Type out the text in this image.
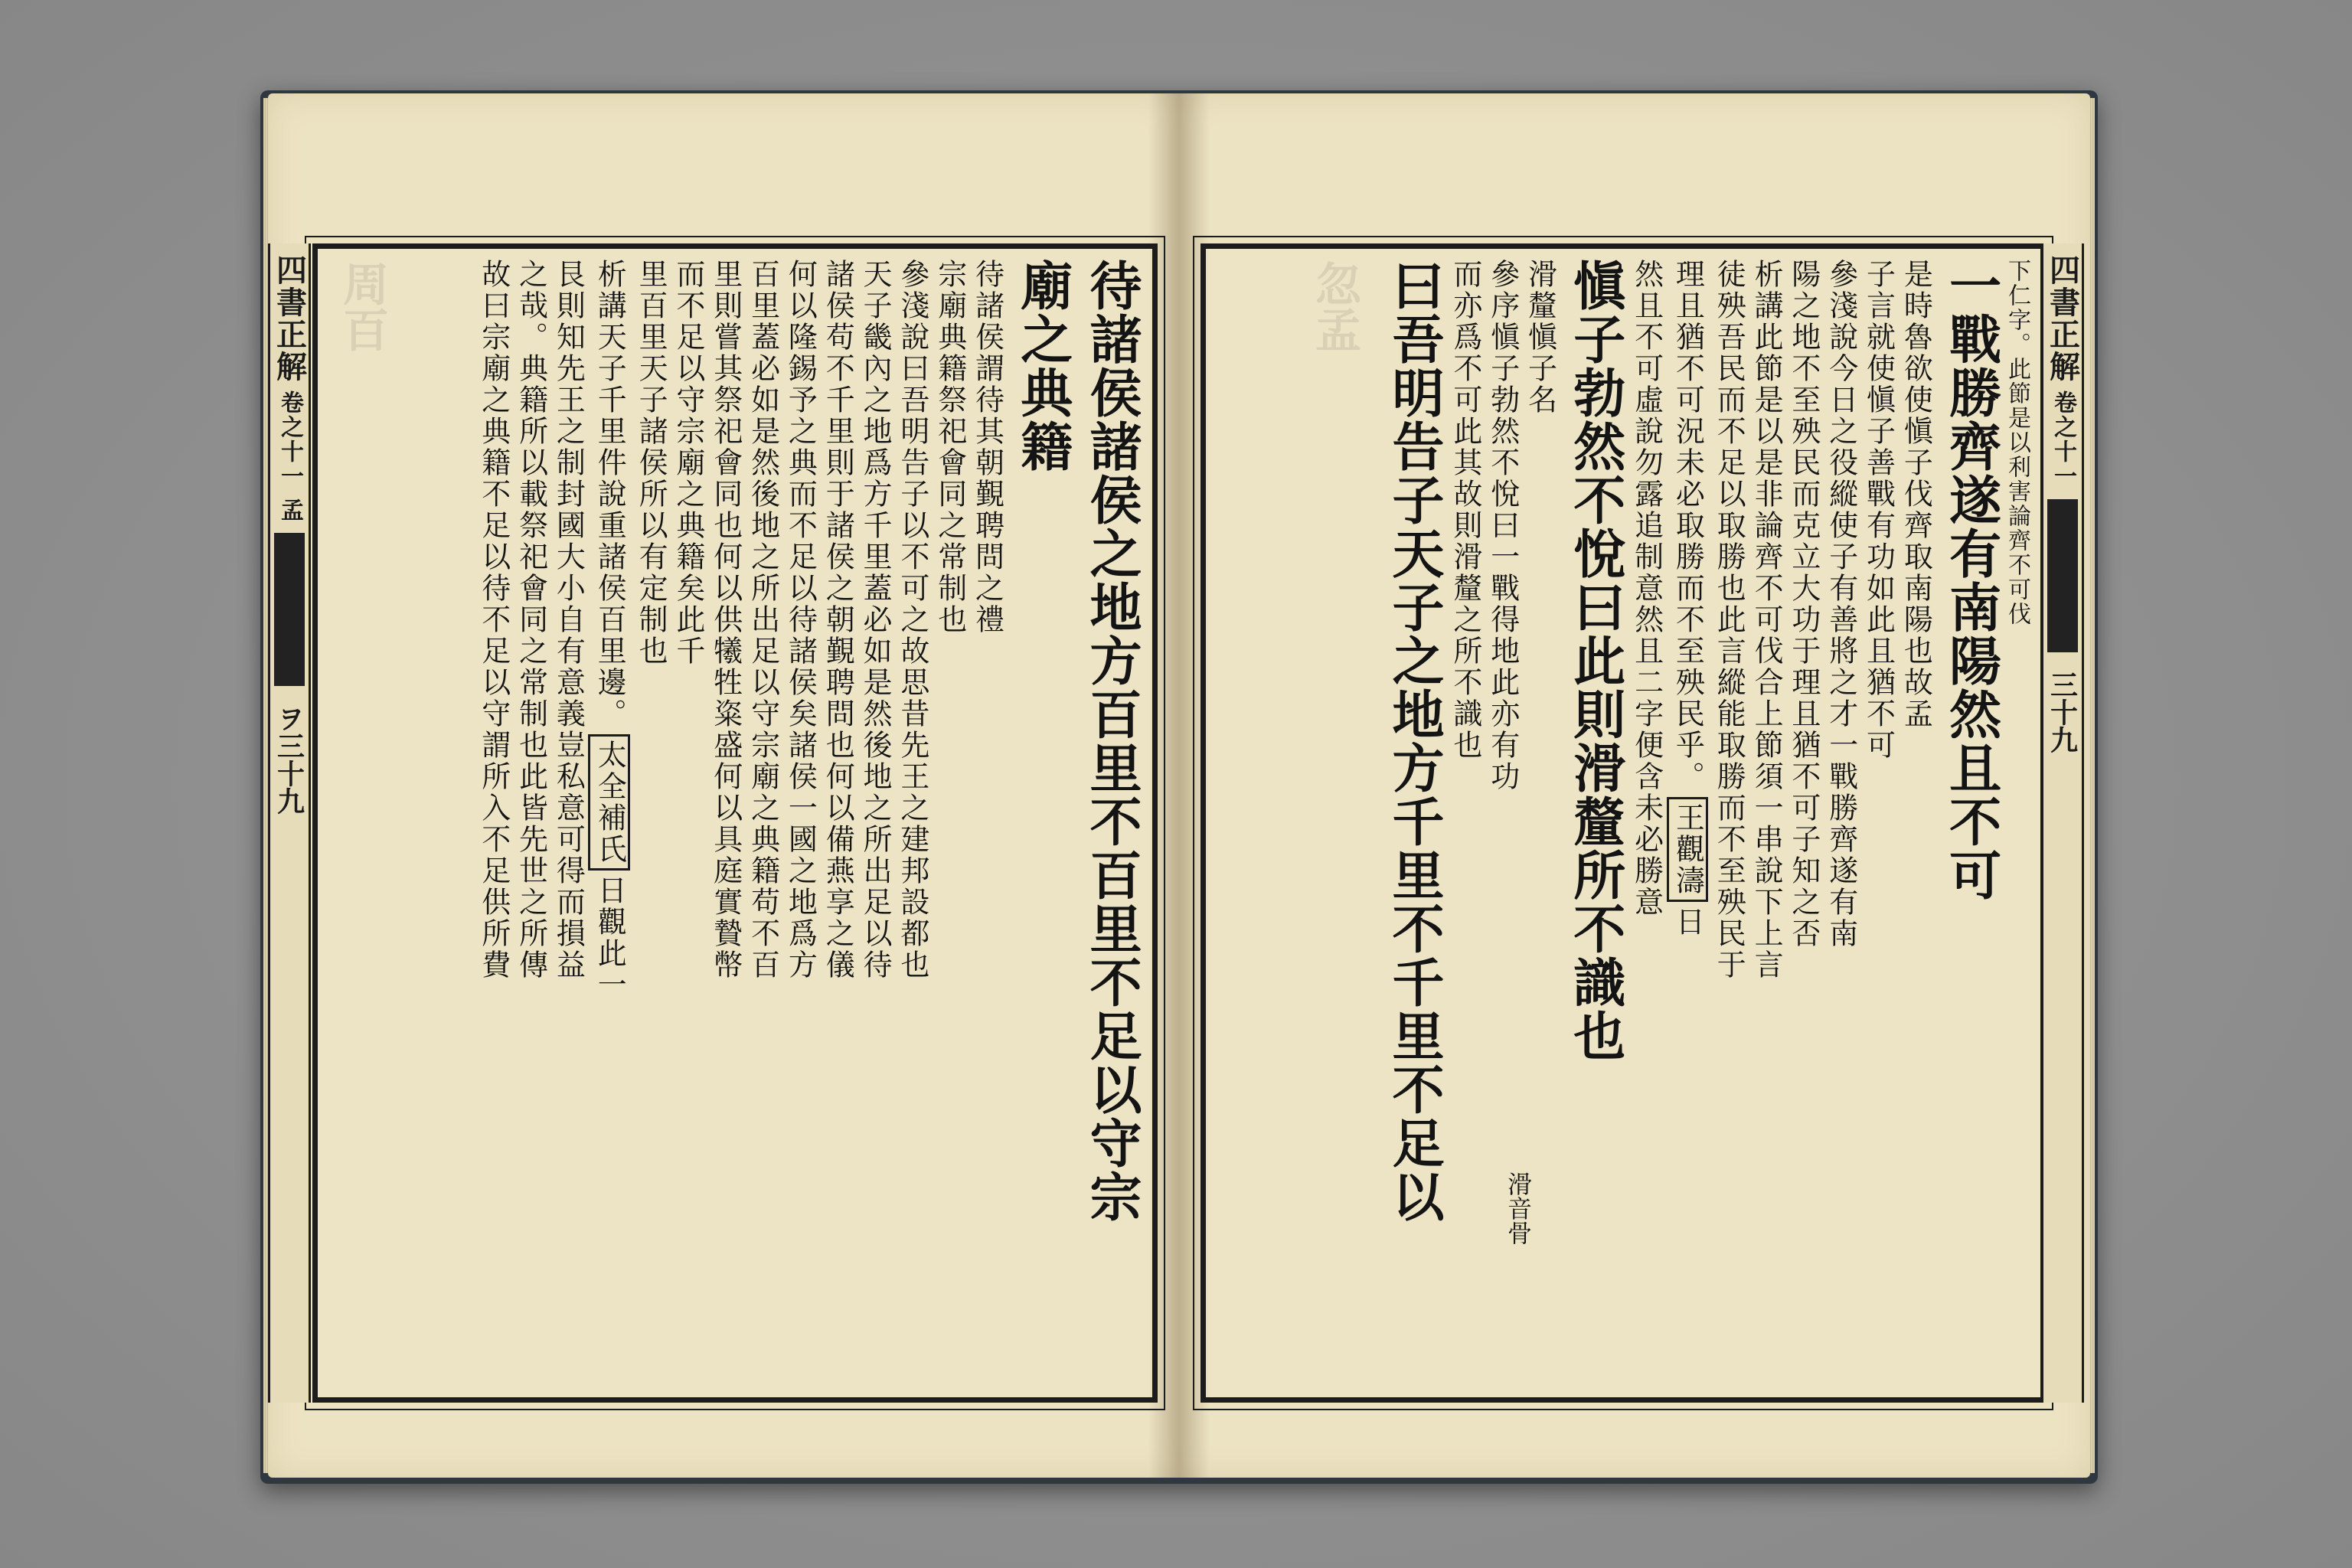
四書正解
卷之十一 孟
ヲ三十九	待諸侯諸侯之地方百里不百里不足以守宗
廟之典籍
待諸侯謂待其朝覲聘問之禮
宗廟典籍祭祀會同之常制也
參淺說曰吾明告子以不可之故思昔先王之建邦設都也
天子畿內之地爲方千里蓋必如是然後地之所出足以待
諸侯苟不千里則于諸侯之朝覲聘問也何以備燕享之儀
何以隆錫予之典而不足以待諸侯矣諸侯一國之地爲方
百里蓋必如是然後地之所出足以守宗廟之典籍苟不百
里則嘗其祭祀會同也何以供犧牲粢盛何以具庭實贄幣
而不足以守宗廟之典籍矣此千
里百里天子諸侯所以有定制也
析講天子千里件說重諸侯百里邊。太全補氏日觀此一
艮則知先王之制封國大小自有意義豈私意可得而損益
之哉。典籍所以載祭祀會同之常制也此皆先世之所傳
故曰宗廟之典籍不足以待不足以守謂所入不足供所費	四書正解
卷之十一
三十九
下仁字。此節是以利害論齊不可伐
一戰勝齊遂有南陽然且不可
是時魯欲使愼子伐齊取南陽也故孟
子言就使愼子善戰有功如此且猶不可
參淺說今日之役縱使子有善將之才一戰勝齊遂有南
陽之地不至殃民而克立大功于理且猶不可子知之否
析講此節是以是非論齊不可伐合上節須一串說下上言
徒殃吾民而不足以取勝也此言縱能取勝而不至殃民于
理且猶不可況未必取勝而不至殃民乎。王觀濤日
然且不可虛說勿露追制意然且二字便含未必勝意
愼子勃然不悅曰此則滑釐所不識也
滑釐愼子名
參序愼子勃然不悅曰一戰得地此亦有功
而亦爲不可此其故則滑釐之所不識也
曰吾明告子天子之地方千里不千里不足以 滑音骨
